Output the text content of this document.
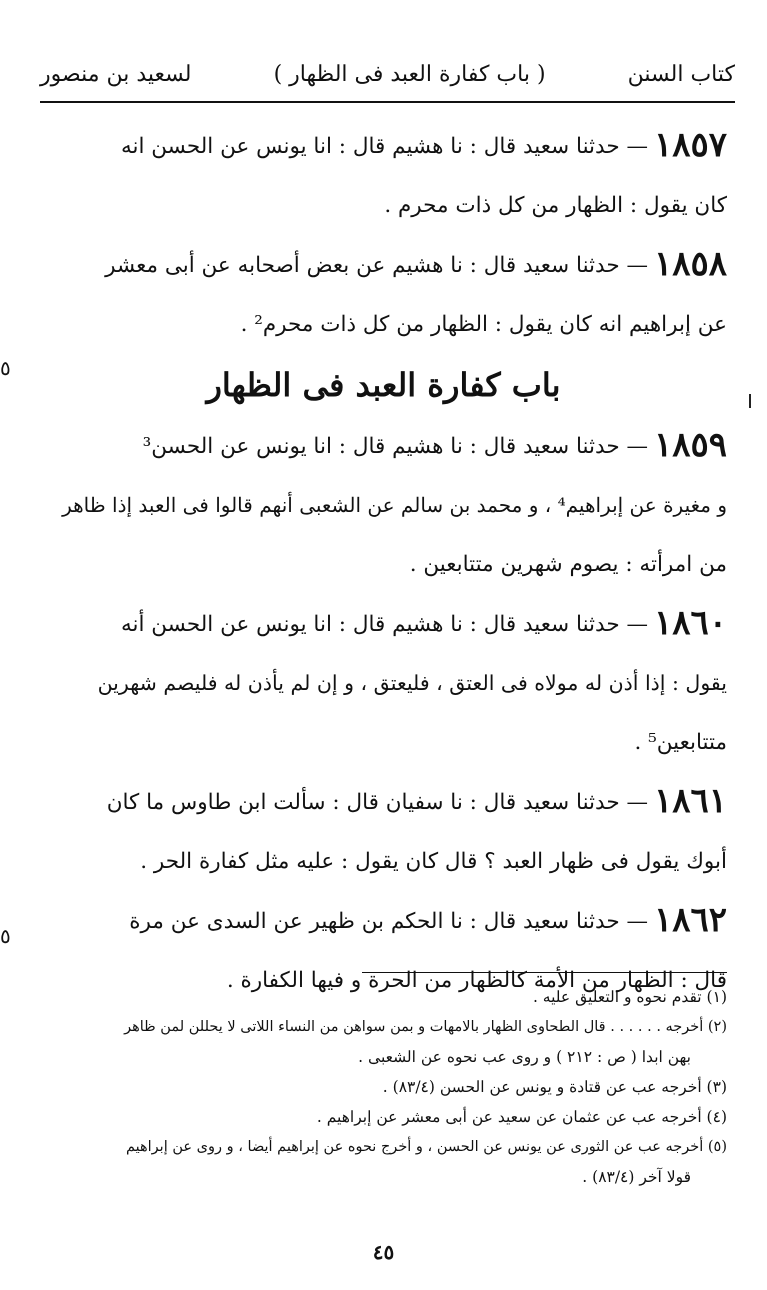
كتاب السنن
( باب كفارة العبد فى الظهار )
لسعيد بن منصور
١٨٥٧— حدثنا سعيد قال : نا هشيم قال : انا يونس عن الحسن انه
كان يقول : الظهار من كل ذات محرم .
١٨٥٨— حدثنا سعيد قال : نا هشيم عن بعض أصحابه عن أبى معشر
عن إبراهيم انه كان يقول : الظهار من كل ذات محرم² .
باب كفارة العبد فى الظهار
١٨٥٩— حدثنا سعيد قال : نا هشيم قال : انا يونس عن الحسن³
و مغيرة عن إبراهيم⁴ ، و محمد بن سالم عن الشعبى أنهم قالوا فى العبد إذا ظاهر
من امرأته : يصوم شهرين متتابعين .
١٨٦٠— حدثنا سعيد قال : نا هشيم قال : انا يونس عن الحسن أنه
يقول : إذا أذن له مولاه فى العتق ، فليعتق ، و إن لم يأذن له فليصم شهرين
متتابعين⁵ .
١٨٦١— حدثنا سعيد قال : نا سفيان قال : سألت ابن طاوس ما كان
أبوك يقول فى ظهار العبد ؟ قال كان يقول : عليه مثل كفارة الحر .
١٨٦٢— حدثنا سعيد قال : نا الحكم بن ظهير عن السدى عن مرة
قال : الظهار من الأمة كالظهار من الحرة و فيها الكفارة .
٥
٥
(١) تقدم نحوه و التعليق عليه .
(٢) أخرجه . . . . . . قال الطحاوى الظهار بالامهات و بمن سواهن من النساء اللاتى لا يحللن لمن ظاهر
بهن ابدا ( ص : ٢١٢ ) و روى عب نحوه عن الشعبى .
(٣) أخرجه عب عن قتادة و يونس عن الحسن (٨٣/٤) .
(٤) أخرجه عب عن عثمان عن سعيد عن أبى معشر عن إبراهيم .
(٥) أخرجه عب عن الثورى عن يونس عن الحسن ، و أخرج نحوه عن إبراهيم أيضا ، و روى عن إبراهيم
قولا آخر (٨٣/٤) .
٤٥
